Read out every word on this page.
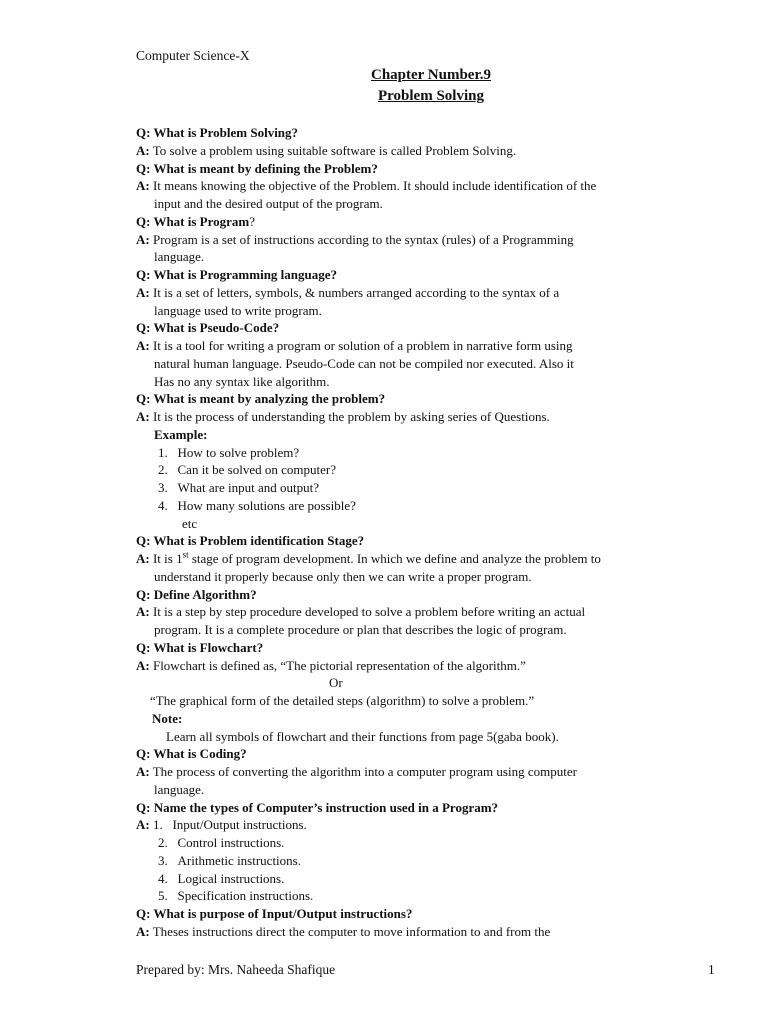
Computer Science-X
Chapter Number.9
Problem Solving
Q: What is Problem Solving?
A: To solve a problem using suitable software is called Problem Solving.
Q: What is meant by defining the Problem?
A: It means knowing the objective of the Problem. It should include identification of the
input and the desired output of the program.
Q: What is Program?
A: Program is a set of instructions according to the syntax (rules) of a Programming
language.
Q: What is Programming language?
A: It is a set of letters, symbols, & numbers arranged according to the syntax of a
language used to write program.
Q: What is Pseudo-Code?
A: It is a tool for writing a program or solution of a problem in narrative form using
natural human language. Pseudo-Code can not be compiled nor executed. Also it
Has no any syntax like algorithm.
Q: What is meant by analyzing the problem?
A: It is the process of understanding the problem by asking series of Questions.
Example:
1.   How to solve problem?
2.   Can it be solved on computer?
3.   What are input and output?
4.   How many solutions are possible?
etc
Q: What is Problem identification Stage?
A: It is 1st stage of program development. In which we define and analyze the problem to
understand it properly because only then we can write a proper program.
Q: Define Algorithm?
A: It is a step by step procedure developed to solve a problem before writing an actual
program. It is a complete procedure or plan that describes the logic of program.
Q: What is Flowchart?
A: Flowchart is defined as, “The pictorial representation of the algorithm.”
Or
“The graphical form of the detailed steps (algorithm) to solve a problem.”
Note:
Learn all symbols of flowchart and their functions from page 5(gaba book).
Q: What is Coding?
A: The process of converting the algorithm into a computer program using computer
language.
Q: Name the types of Computer’s instruction used in a Program?
A: 1.   Input/Output instructions.
2.   Control instructions.
3.   Arithmetic instructions.
4.   Logical instructions.
5.   Specification instructions.
Q: What is purpose of Input/Output instructions?
A: Theses instructions direct the computer to move information to and from the
Prepared by: Mrs. Naheeda Shafique	1
